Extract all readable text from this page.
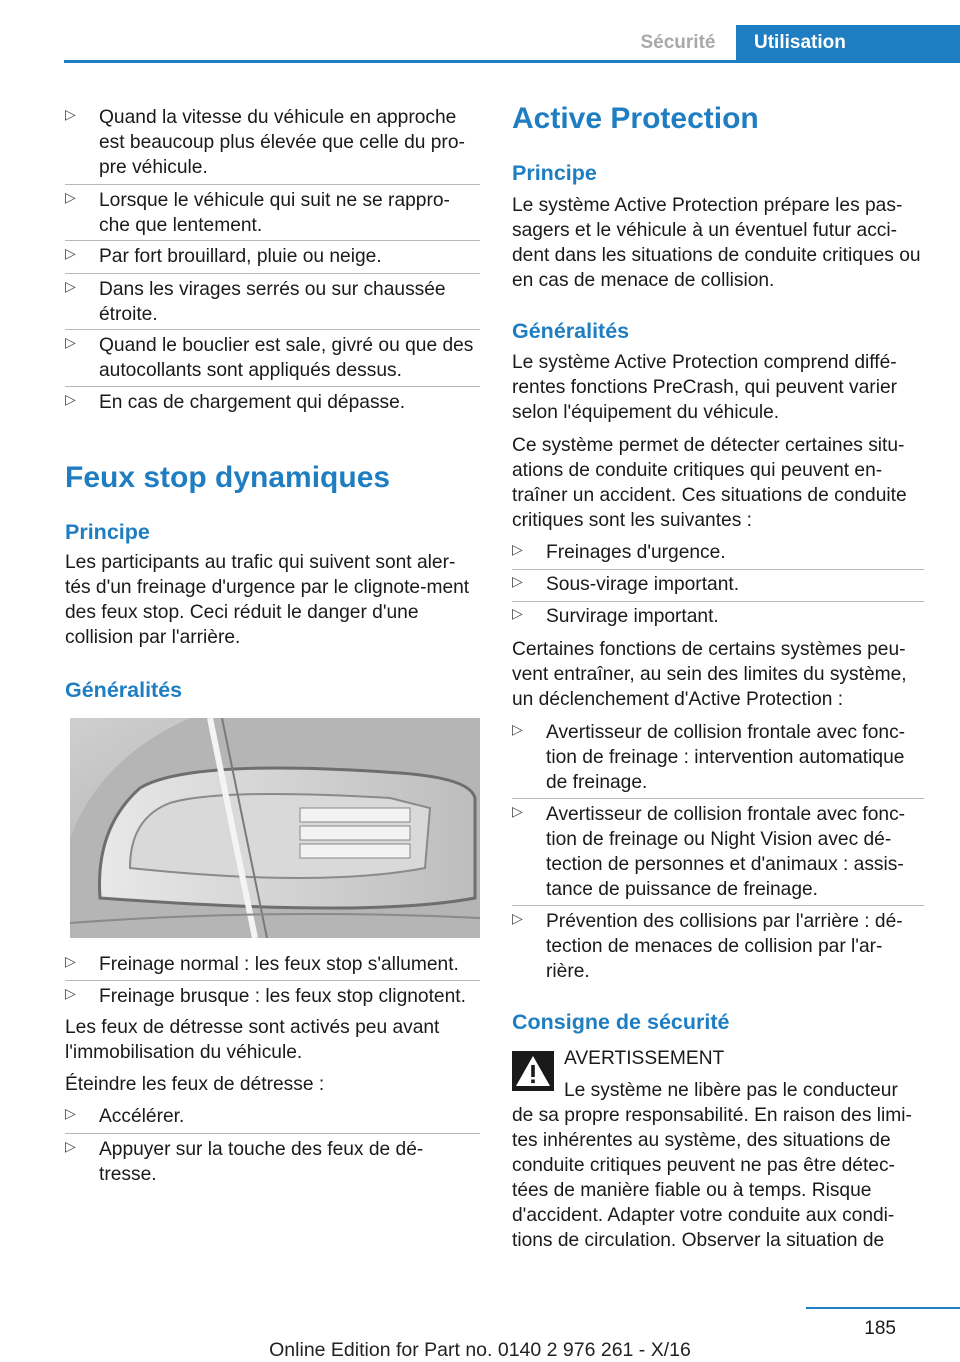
Sécurité	Utilisation
▷ Quand la vitesse du véhicule en approche est beaucoup plus élevée que celle du pro‐pre véhicule.
▷ Lorsque le véhicule qui suit ne se rappro‐che que lentement.
▷ Par fort brouillard, pluie ou neige.
▷ Dans les virages serrés ou sur chaussée étroite.
▷ Quand le bouclier est sale, givré ou que des autocollants sont appliqués dessus.
▷ En cas de chargement qui dépasse.
Feux stop dynamiques
Principe
Les participants au trafic qui suivent sont aler‐tés d'un freinage d'urgence par le clignote‐ment des feux stop. Ceci réduit le danger d'une collision par l'arrière.
Généralités
▷ Freinage normal : les feux stop s'allument.
▷ Freinage brusque : les feux stop clignotent.
Les feux de détresse sont activés peu avant l'immobilisation du véhicule.
Éteindre les feux de détresse :
▷ Accélérer.
▷ Appuyer sur la touche des feux de dé‐tresse.
Active Protection
Principe
Le système Active Protection prépare les pas‐sagers et le véhicule à un éventuel futur acci‐dent dans les situations de conduite critiques ou en cas de menace de collision.
Généralités
Le système Active Protection comprend diffé‐rentes fonctions PreCrash, qui peuvent varier selon l'équipement du véhicule.
Ce système permet de détecter certaines situ‐ations de conduite critiques qui peuvent en‐traîner un accident. Ces situations de conduite critiques sont les suivantes :
▷ Freinages d'urgence.
▷ Sous-virage important.
▷ Survirage important.
Certaines fonctions de certains systèmes peu‐vent entraîner, au sein des limites du système, un déclenchement d'Active Protection :
▷ Avertisseur de collision frontale avec fonc‐tion de freinage : intervention automatique de freinage.
▷ Avertisseur de collision frontale avec fonc‐tion de freinage ou Night Vision avec dé‐tection de personnes et d'animaux : assis‐tance de puissance de freinage.
▷ Prévention des collisions par l'arrière : dé‐tection de menaces de collision par l'ar‐rière.
Consigne de sécurité
AVERTISSEMENT
Le système ne libère pas le conducteur
de sa propre responsabilité. En raison des limi‐tes inhérentes au système, des situations de conduite critiques peuvent ne pas être détec‐tées de manière fiable ou à temps. Risque d'accident. Adapter votre conduite aux condi‐tions de circulation. Observer la situation de
185
Online Edition for Part no. 0140 2 976 261 - X/16
